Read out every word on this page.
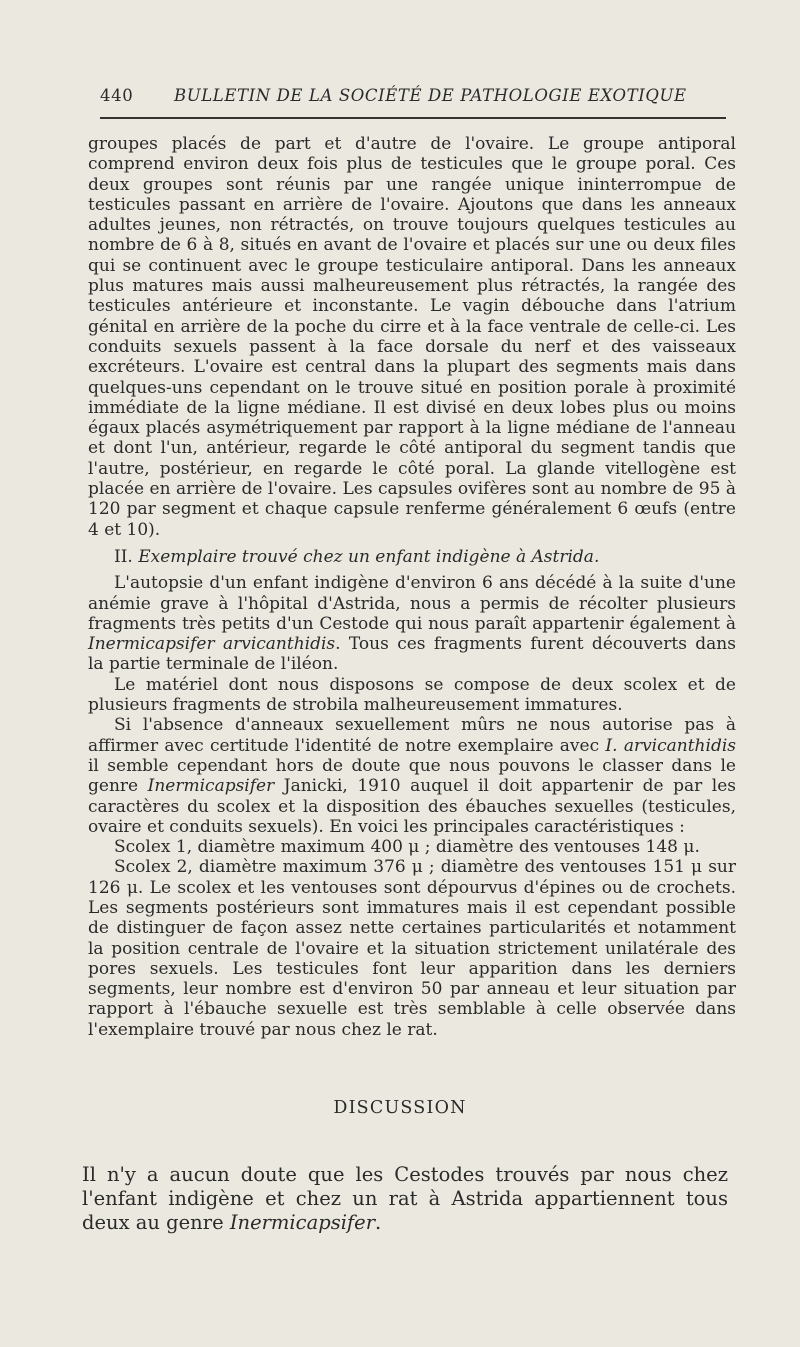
440 BULLETIN DE LA SOCIÉTÉ DE PATHOLOGIE EXOTIQUE

groupes placés de part et d'autre de l'ovaire. Le groupe antiporal comprend environ deux fois plus de testicules que le groupe poral. Ces deux groupes sont réunis par une rangée unique ininterrompue de testicules passant en arrière de l'ovaire. Ajoutons que dans les anneaux adultes jeunes, non rétractés, on trouve toujours quelques testicules au nombre de 6 à 8, situés en avant de l'ovaire et placés sur une ou deux files qui se continuent avec le groupe testiculaire antiporal. Dans les anneaux plus matures mais aussi malheureusement plus rétractés, la rangée des testicules antérieure et inconstante. Le vagin débouche dans l'atrium génital en arrière de la poche du cirre et à la face ventrale de celle-ci. Les conduits sexuels passent à la face dorsale du nerf et des vaisseaux excréteurs. L'ovaire est central dans la plupart des segments mais dans quelques-uns cependant on le trouve situé en position porale à proximité immédiate de la ligne médiane. Il est divisé en deux lobes plus ou moins égaux placés asymétriquement par rapport à la ligne médiane de l'anneau et dont l'un, antérieur, regarde le côté antiporal du segment tandis que l'autre, postérieur, en regarde le côté poral. La glande vitellogène est placée en arrière de l'ovaire. Les capsules ovifères sont au nombre de 95 à 120 par segment et chaque capsule renferme généralement 6 œufs (entre 4 et 10).

II. Exemplaire trouvé chez un enfant indigène à Astrida.

L'autopsie d'un enfant indigène d'environ 6 ans décédé à la suite d'une anémie grave à l'hôpital d'Astrida, nous a permis de récolter plusieurs fragments très petits d'un Cestode qui nous paraît appartenir également à Inermicapsifer arvicanthidis. Tous ces fragments furent découverts dans la partie terminale de l'iléon.

Le matériel dont nous disposons se compose de deux scolex et de plusieurs fragments de strobila malheureusement immatures.

Si l'absence d'anneaux sexuellement mûrs ne nous autorise pas à affirmer avec certitude l'identité de notre exemplaire avec I. arvicanthidis il semble cependant hors de doute que nous pouvons le classer dans le genre Inermicapsifer Janicki, 1910 auquel il doit appartenir de par les caractères du scolex et la disposition des ébauches sexuelles (testicules, ovaire et conduits sexuels). En voici les principales caractéristiques :

Scolex 1, diamètre maximum 400 μ ; diamètre des ventouses 148 μ.

Scolex 2, diamètre maximum 376 μ ; diamètre des ventouses 151 μ sur 126 μ. Le scolex et les ventouses sont dépourvus d'épines ou de crochets. Les segments postérieurs sont immatures mais il est cependant possible de distinguer de façon assez nette certaines particularités et notamment la position centrale de l'ovaire et la situation strictement unilatérale des pores sexuels. Les testicules font leur apparition dans les derniers segments, leur nombre est d'environ 50 par anneau et leur situation par rapport à l'ébauche sexuelle est très semblable à celle observée dans l'exemplaire trouvé par nous chez le rat.

DISCUSSION

Il n'y a aucun doute que les Cestodes trouvés par nous chez l'enfant indigène et chez un rat à Astrida appartiennent tous deux au genre Inermicapsifer.
